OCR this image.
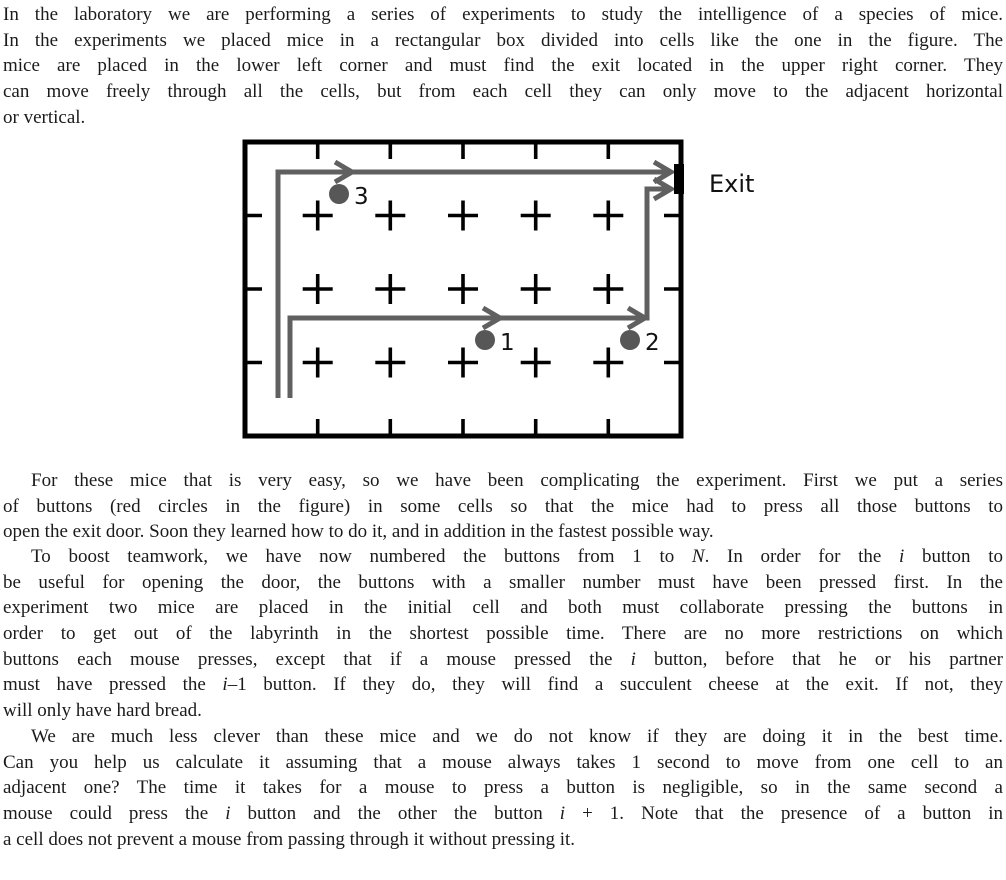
In the laboratory we are performing a series of experiments to study the intelligence of a species of mice.
In the experiments we placed mice in a rectangular box divided into cells like the one in the figure. The
mice are placed in the lower left corner and must find the exit located in the upper right corner. They
can move freely through all the cells, but from each cell they can only move to the adjacent horizontal
or vertical.
Exit
3
1	2
For these mice that is very easy, so we have been complicating the experiment. First we put a series
of buttons (red circles in the figure) in some cells so that the mice had to press all those buttons to
open the exit door. Soon they learned how to do it, and in addition in the fastest possible way.
To boost teamwork, we have now numbered the buttons from 1 to N. In order for the i button to
be useful for opening the door, the buttons with a smaller number must have been pressed first. In the
experiment two mice are placed in the initial cell and both must collaborate pressing the buttons in
order to get out of the labyrinth in the shortest possible time. There are no more restrictions on which
buttons each mouse presses, except that if a mouse pressed the i button, before that he or his partner
must have pressed the i–1 button. If they do, they will find a succulent cheese at the exit. If not, they
will only have hard bread.
We are much less clever than these mice and we do not know if they are doing it in the best time.
Can you help us calculate it assuming that a mouse always takes 1 second to move from one cell to an
adjacent one? The time it takes for a mouse to press a button is negligible, so in the same second a
mouse could press the i button and the other the button i + 1. Note that the presence of a button in
a cell does not prevent a mouse from passing through it without pressing it.
